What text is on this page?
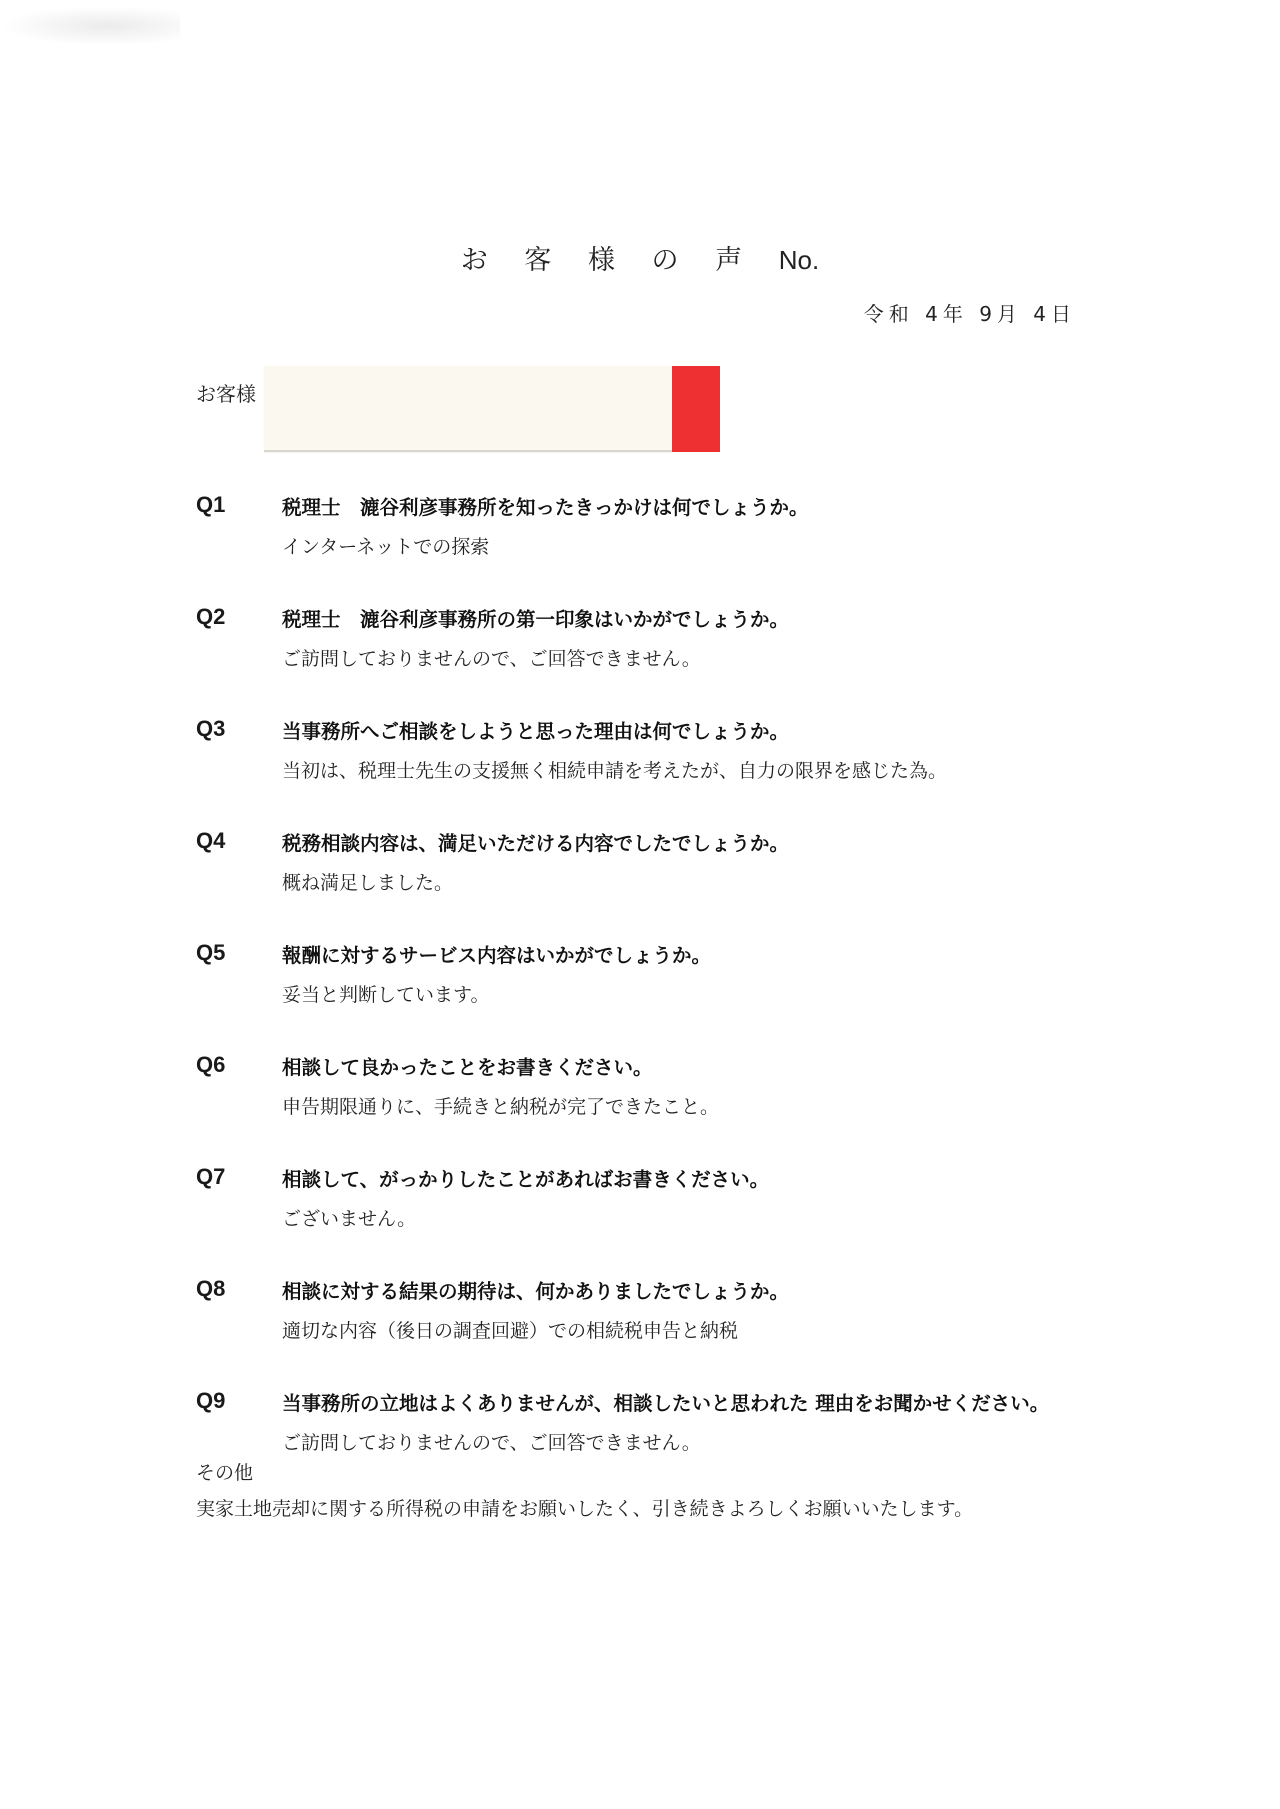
お 客 様 の 声 No.
令和 4年 9月 4日
お客様
Q1	税理士　漉谷利彦事務所を知ったきっかけは何でしょうか。
インターネットでの探索
Q2	税理士　漉谷利彦事務所の第一印象はいかがでしょうか。
ご訪問しておりませんので、ご回答できません。
Q3	当事務所へご相談をしようと思った理由は何でしょうか。
当初は、税理士先生の支援無く相続申請を考えたが、自力の限界を感じた為。
Q4	税務相談内容は、満足いただける内容でしたでしょうか。
概ね満足しました。
Q5	報酬に対するサービス内容はいかがでしょうか。
妥当と判断しています。
Q6	相談して良かったことをお書きください。
申告期限通りに、手続きと納税が完了できたこと。
Q7	相談して、がっかりしたことがあればお書きください。
ございません。
Q8	相談に対する結果の期待は、何かありましたでしょうか。
適切な内容（後日の調査回避）での相続税申告と納税
Q9	当事務所の立地はよくありませんが、相談したいと思われた 理由をお聞かせください。
ご訪問しておりませんので、ご回答できません。
その他
実家土地売却に関する所得税の申請をお願いしたく、引き続きよろしくお願いいたします。
